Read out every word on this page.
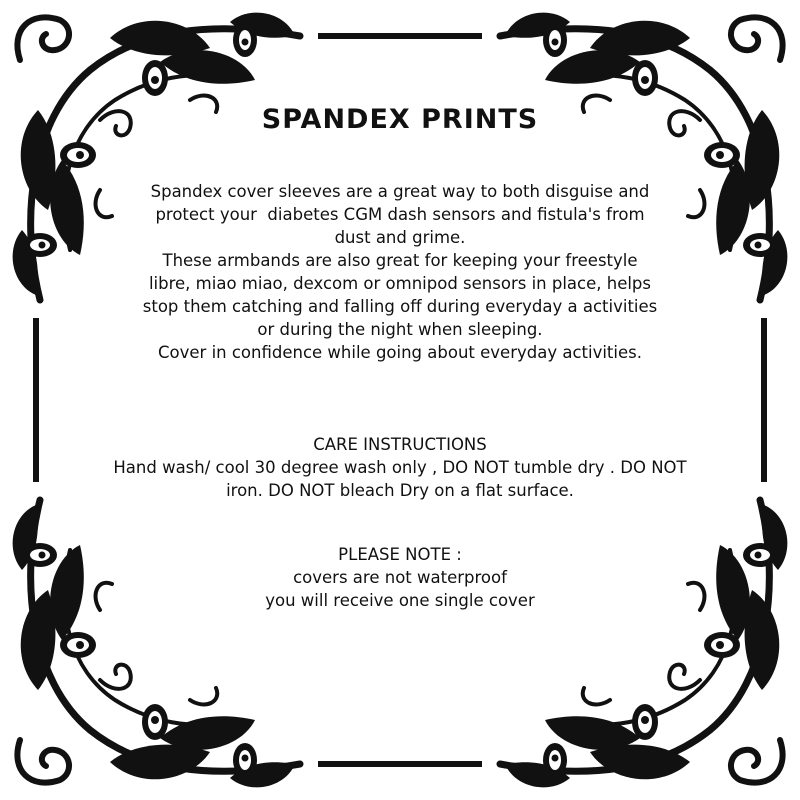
SPANDEX PRINTS
Spandex cover sleeves are a great way to both disguise and
protect your  diabetes CGM dash sensors and fistula's from
dust and grime.
These armbands are also great for keeping your freestyle
libre, miao miao, dexcom or omnipod sensors in place, helps
stop them catching and falling off during everyday a activities
or during the night when sleeping.
Cover in confidence while going about everyday activities.
CARE INSTRUCTIONS
Hand wash/ cool 30 degree wash only , DO NOT tumble dry . DO NOT
iron. DO NOT bleach Dry on a flat surface.
PLEASE NOTE :
covers are not waterproof
you will receive one single cover
